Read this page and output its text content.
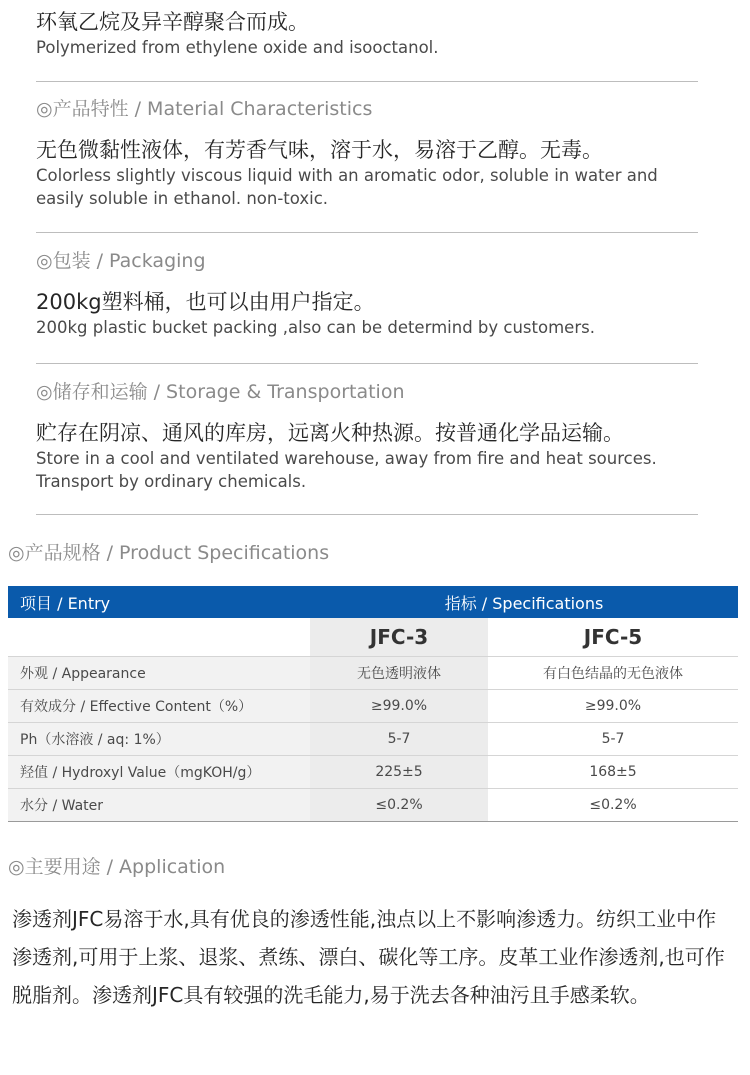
环氧乙烷及异辛醇聚合而成。
Polymerized from ethylene oxide and isooctanol.
◎产品特性 / Material Characteristics
无色微黏性液体，有芳香气味，溶于水，易溶于乙醇。无毒。
Colorless slightly viscous liquid with an aromatic odor, soluble in water and easily soluble in ethanol. non-toxic.
◎包装 / Packaging
200kg塑料桶，也可以由用户指定。
200kg plastic bucket packing ,also can be determind by customers.
◎储存和运输 / Storage & Transportation
贮存在阴凉、通风的库房，远离火种热源。按普通化学品运输。
Store in a cool and ventilated warehouse, away from fire and heat sources. Transport by ordinary chemicals.
◎产品规格 / Product Specifications
项目 / Entry	指标 / Specifications	
	JFC-3	JFC-5
外观 / Appearance	无色透明液体	有白色结晶的无色液体
有效成分 / Effective Content（%）	≥99.0%	≥99.0%
Ph（水溶液 / aq: 1%）	5-7	5-7
羟值 / Hydroxyl Value（mgKOH/g）	225±5	168±5
水分 / Water	≤0.2%	≤0.2%
◎主要用途 / Application
渗透剂JFC易溶于水,具有优良的渗透性能,浊点以上不影响渗透力。纺织工业中作渗透剂,可用于上浆、退浆、煮练、漂白、碳化等工序。皮革工业作渗透剂,也可作脱脂剂。渗透剂JFC具有较强的洗毛能力,易于洗去各种油污且手感柔软。
